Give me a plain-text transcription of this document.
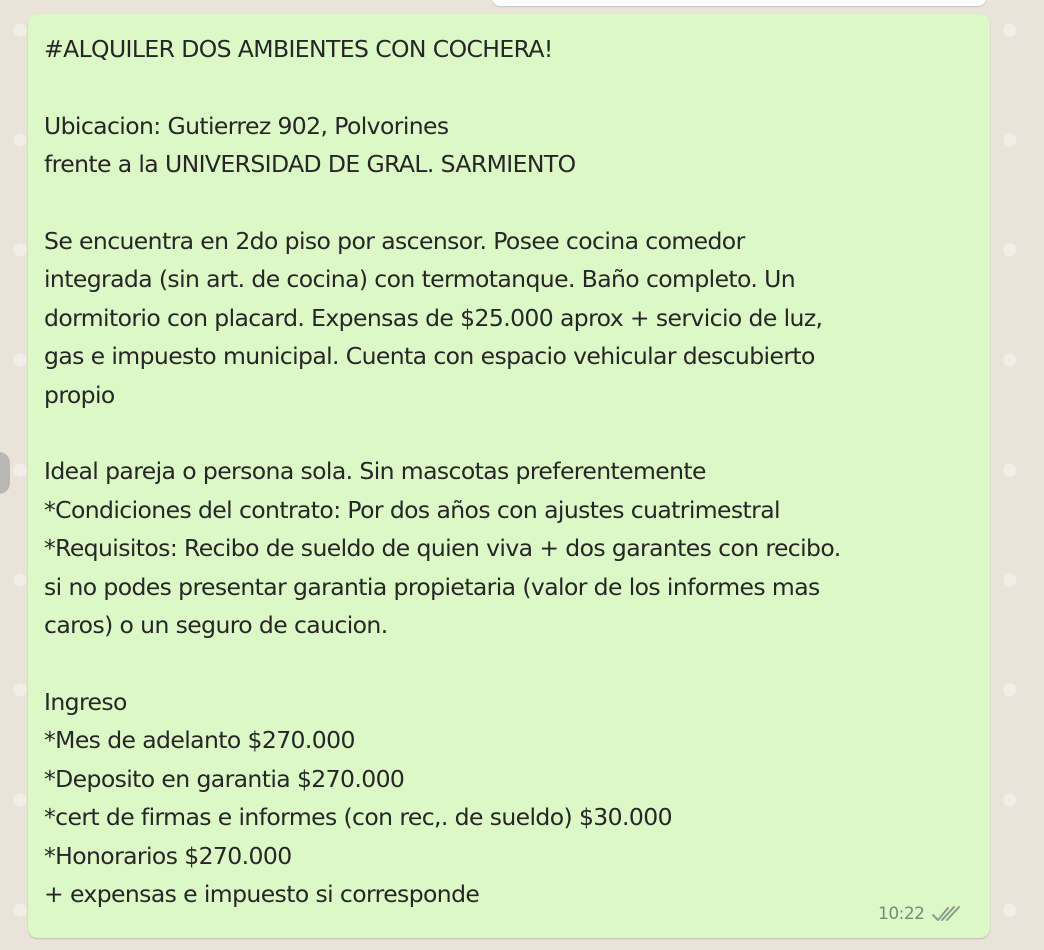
#ALQUILER DOS AMBIENTES CON COCHERA!

Ubicacion: Gutierrez 902, Polvorines
frente a la UNIVERSIDAD DE GRAL. SARMIENTO

Se encuentra en 2do piso por ascensor. Posee cocina comedor
integrada (sin art. de cocina) con termotanque. Baño completo. Un
dormitorio con placard. Expensas de $25.000 aprox + servicio de luz,
gas e impuesto municipal. Cuenta con espacio vehicular descubierto
propio

Ideal pareja o persona sola. Sin mascotas preferentemente
*Condiciones del contrato: Por dos años con ajustes cuatrimestral
*Requisitos: Recibo de sueldo de quien viva + dos garantes con recibo.
si no podes presentar garantia propietaria (valor de los informes mas
caros) o un seguro de caucion.

Ingreso
*Mes de adelanto $270.000
*Deposito en garantia $270.000
*cert de firmas e informes (con rec,. de sueldo) $30.000
*Honorarios $270.000
+ expensas e impuesto si corresponde
10:22
